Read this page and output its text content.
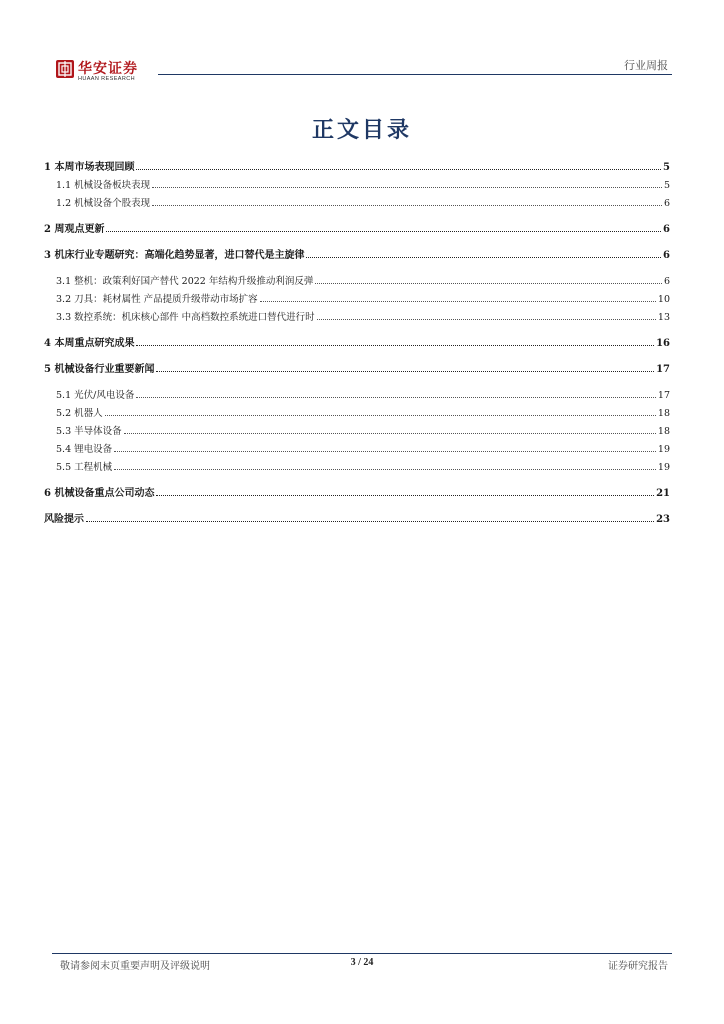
华安证券
HUAAN RESEARCH
行业周报
正文目录
1 本周市场表现回顾	5
1.1 机械设备板块表现	5
1.2 机械设备个股表现	6
2 周观点更新	6
3 机床行业专题研究：高端化趋势显著，进口替代是主旋律	6
3.1 整机：政策利好国产替代 2022 年结构升级推动利润反弹	6
3.2 刀具：耗材属性 产品提质升级带动市场扩容	10
3.3 数控系统：机床核心部件 中高档数控系统进口替代进行时	13
4 本周重点研究成果	16
5 机械设备行业重要新闻	17
5.1 光伏/风电设备	17
5.2 机器人	18
5.3 半导体设备	18
5.4 锂电设备	19
5.5 工程机械	19
6 机械设备重点公司动态	21
风险提示	23
敬请参阅末页重要声明及评级说明	3 / 24	证券研究报告
